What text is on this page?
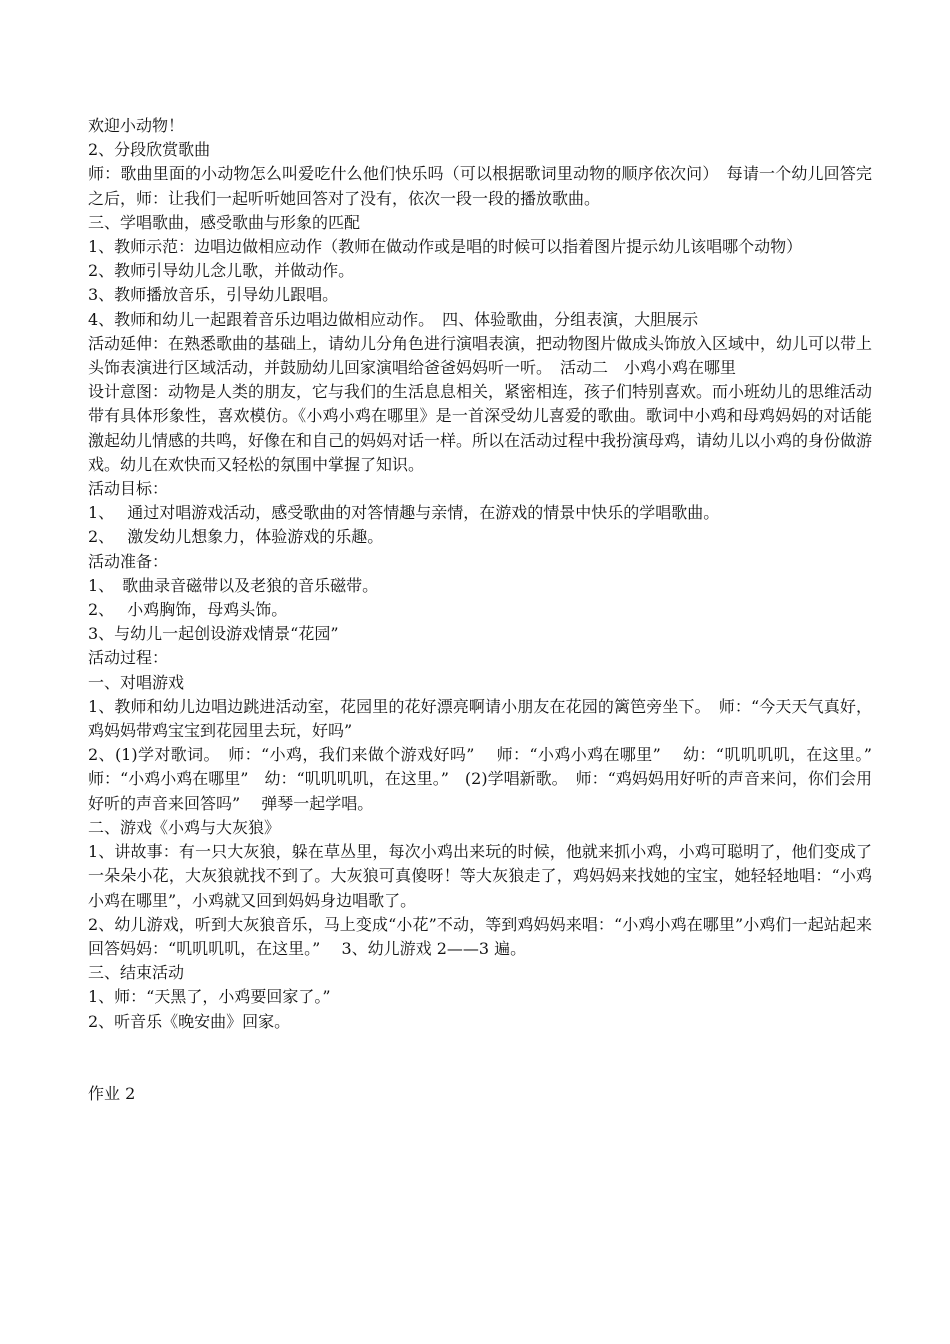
欢迎小动物！

2、分段欣赏歌曲

师：歌曲里面的小动物怎么叫爱吃什么他们快乐吗（可以根据歌词里动物的顺序依次问）　每请一个幼儿回答完之后，师：让我们一起听听她回答对了没有，依次一段一段的播放歌曲。

三、学唱歌曲，感受歌曲与形象的匹配

1、教师示范：边唱边做相应动作（教师在做动作或是唱的时候可以指着图片提示幼儿该唱哪个动物）

2、教师引导幼儿念儿歌，并做动作。

3、教师播放音乐，引导幼儿跟唱。

4、教师和幼儿一起跟着音乐边唱边做相应动作。　四、体验歌曲，分组表演，大胆展示

活动延伸：在熟悉歌曲的基础上，请幼儿分角色进行演唱表演，把动物图片做成头饰放入区域中，幼儿可以带上头饰表演进行区域活动，并鼓励幼儿回家演唱给爸爸妈妈听一听。　活动二　小鸡小鸡在哪里

设计意图：动物是人类的朋友，它与我们的生活息息相关，紧密相连，孩子们特别喜欢。而小班幼儿的思维活动带有具体形象性，喜欢模仿。《小鸡小鸡在哪里》是一首深受幼儿喜爱的歌曲。歌词中小鸡和母鸡妈妈的对话能激起幼儿情感的共鸣，好像在和自己的妈妈对话一样。所以在活动过程中我扮演母鸡，请幼儿以小鸡的身份做游戏。幼儿在欢快而又轻松的氛围中掌握了知识。

活动目标：

1、　 通过对唱游戏活动，感受歌曲的对答情趣与亲情，在游戏的情景中快乐的学唱歌曲。

2、　 激发幼儿想象力，体验游戏的乐趣。

活动准备：

1、　歌曲录音磁带以及老狼的音乐磁带。

2、　 小鸡胸饰，母鸡头饰。

3、与幼儿一起创设游戏情景“花园”

活动过程：

一、对唱游戏

1、教师和幼儿边唱边跳进活动室，花园里的花好漂亮啊请小朋友在花园的篱笆旁坐下。　师：“今天天气真好，鸡妈妈带鸡宝宝到花园里去玩，好吗”

2、(1)学对歌词。　师：“小鸡，我们来做个游戏好吗”　 师：“小鸡小鸡在哪里”　 幼：“叽叽叽叽，在这里。”　师：“小鸡小鸡在哪里”　幼：“叽叽叽叽，在这里。”　(2)学唱新歌。　师：“鸡妈妈用好听的声音来问，你们会用好听的声音来回答吗”　 弹琴一起学唱。

二、游戏《小鸡与大灰狼》

1、讲故事：有一只大灰狼，躲在草丛里，每次小鸡出来玩的时候，他就来抓小鸡，小鸡可聪明了，他们变成了一朵朵小花，大灰狼就找不到了。大灰狼可真傻呀！等大灰狼走了，鸡妈妈来找她的宝宝，她轻轻地唱：“小鸡小鸡在哪里”，小鸡就又回到妈妈身边唱歌了。

2、幼儿游戏，听到大灰狼音乐，马上变成“小花”不动，等到鸡妈妈来唱：“小鸡小鸡在哪里”小鸡们一起站起来回答妈妈：“叽叽叽叽，在这里。”　 3、幼儿游戏 2——3 遍。

三、结束活动

1、师：“天黑了，小鸡要回家了。”

2、听音乐《晚安曲》回家。

作业 2
